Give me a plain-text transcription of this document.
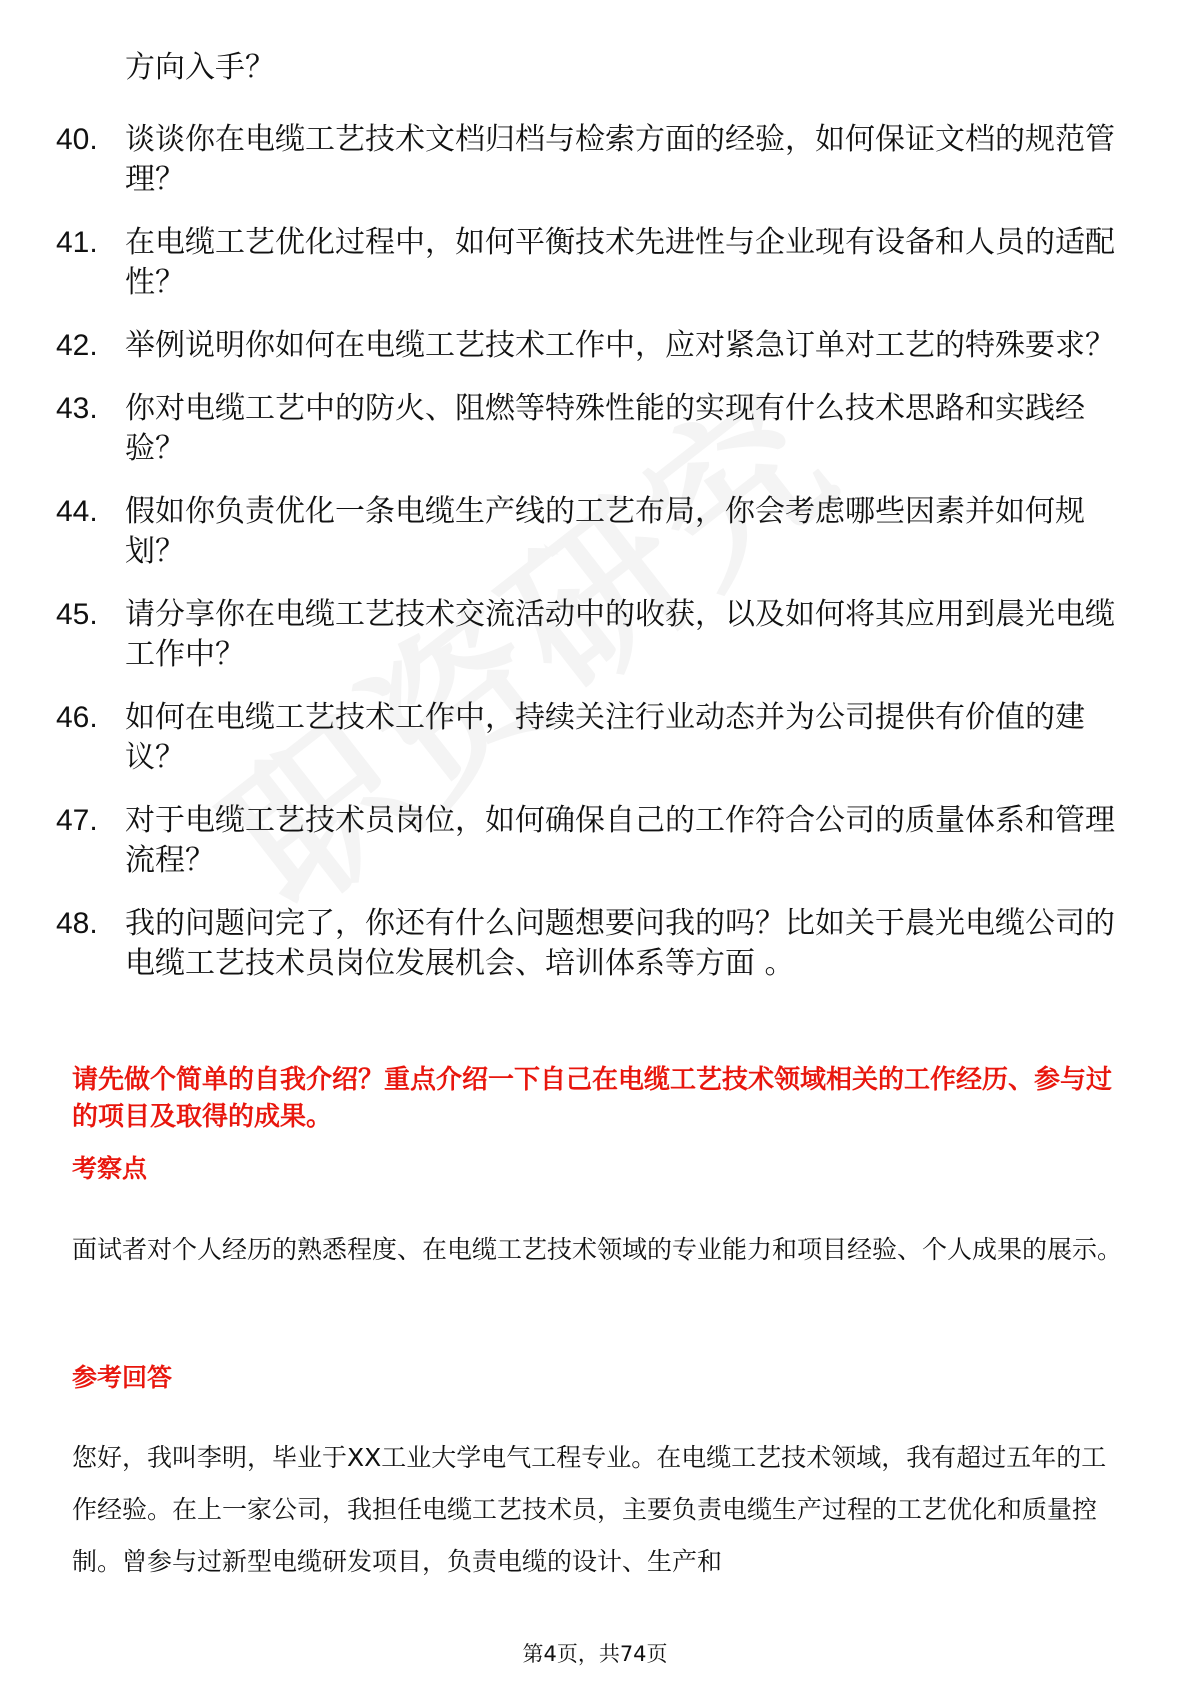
方向入手？

40. 谈谈你在电缆工艺技术文档归档与检索方面的经验，如何保证文档的规范管理？
41. 在电缆工艺优化过程中，如何平衡技术先进性与企业现有设备和人员的适配性？
42. 举例说明你如何在电缆工艺技术工作中，应对紧急订单对工艺的特殊要求？
43. 你对电缆工艺中的防火、阻燃等特殊性能的实现有什么技术思路和实践经验？
44. 假如你负责优化一条电缆生产线的工艺布局，你会考虑哪些因素并如何规划？
45. 请分享你在电缆工艺技术交流活动中的收获，以及如何将其应用到晨光电缆工作中？
46. 如何在电缆工艺技术工作中，持续关注行业动态并为公司提供有价值的建议？
47. 对于电缆工艺技术员岗位，如何确保自己的工作符合公司的质量体系和管理流程？
48. 我的问题问完了，你还有什么问题想要问我的吗？比如关于晨光电缆公司的电缆工艺技术员岗位发展机会、培训体系等方面 。

请先做个简单的自我介绍？重点介绍一下自己在电缆工艺技术领域相关的工作经历、参与过的项目及取得的成果。

考察点

面试者对个人经历的熟悉程度、在电缆工艺技术领域的专业能力和项目经验、个人成果的展示。

参考回答

您好，我叫李明，毕业于XX工业大学电气工程专业。在电缆工艺技术领域，我有超过五年的工作经验。在上一家公司，我担任电缆工艺技术员，主要负责电缆生产过程的工艺优化和质量控制。曾参与过新型电缆研发项目，负责电缆的设计、生产和

第4页，共74页
